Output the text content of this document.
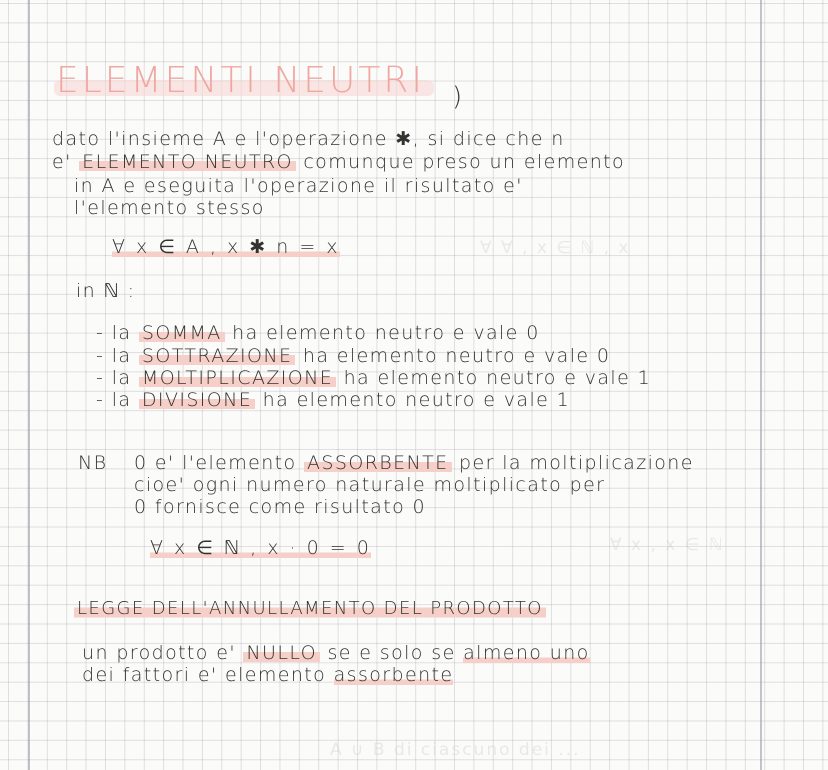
ELEMENTI NEUTRI )
∀ ∀ , x ∈ ℕ , x
∀ x , x ∈ ℕ
A ∪ B di ciascuno dei ...
dato l'insieme A e l'operazione ✱, si dice che n
e' ELEMENTO NEUTRO comunque preso un elemento
in A e eseguita l'operazione il risultato e'
l'elemento stesso
∀ x ∈ A , x ✱ n = x
in ℕ :
- la SOMMA ha elemento neutro e vale 0
- la SOTTRAZIONE ha elemento neutro e vale 0
- la MOLTIPLICAZIONE ha elemento neutro e vale 1
- la DIVISIONE ha elemento neutro e vale 1
NB 0 e' l'elemento ASSORBENTE per la moltiplicazione
cioe' ogni numero naturale moltiplicato per
0 fornisce come risultato 0
∀ x ∈ ℕ , x · 0 = 0
LEGGE DELL'ANNULLAMENTO DEL PRODOTTO
un prodotto e' NULLO se e solo se almeno uno
dei fattori e' elemento assorbente
